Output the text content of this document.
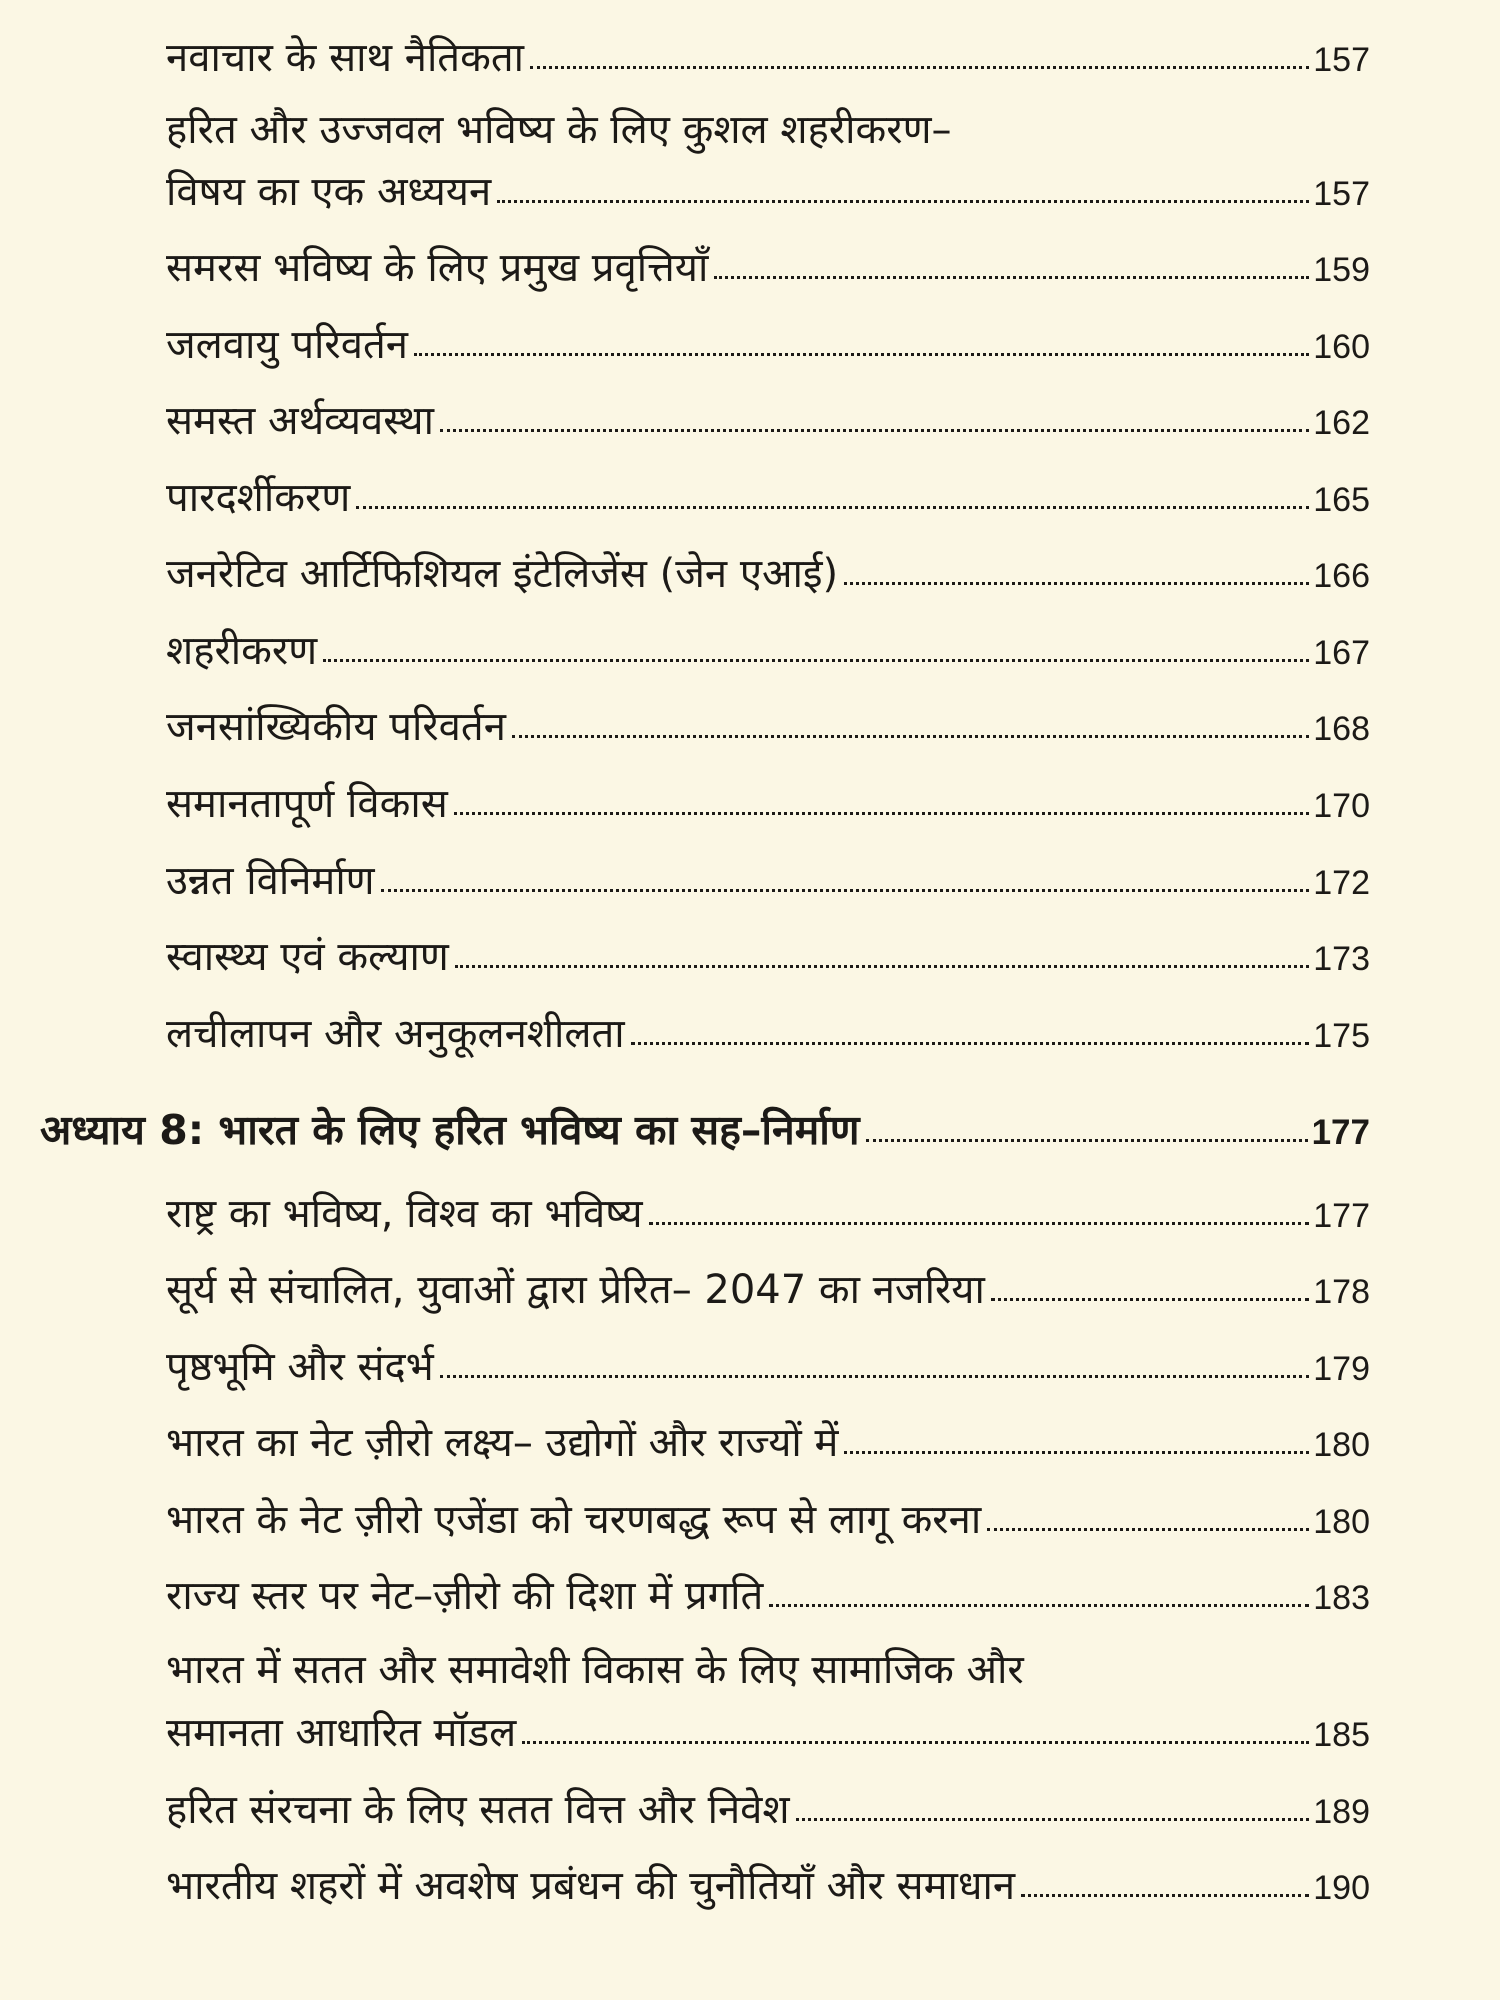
नवाचार के साथ नैतिकता	157
हरित और उज्जवल भविष्य के लिए कुशल शहरीकरण–
विषय का एक अध्ययन	157
समरस भविष्य के लिए प्रमुख प्रवृत्तियाँ	159
जलवायु परिवर्तन	160
समस्त अर्थव्यवस्था	162
पारदर्शीकरण	165
जनरेटिव आर्टिफिशियल इंटेलिजेंस (जेन एआई)	166
शहरीकरण	167
जनसांख्यिकीय परिवर्तन	168
समानतापूर्ण विकास	170
उन्नत विनिर्माण	172
स्वास्थ्य एवं कल्याण	173
लचीलापन और अनुकूलनशीलता	175
अध्याय 8: भारत के लिए हरित भविष्य का सह–निर्माण	177
राष्ट्र का भविष्य, विश्व का भविष्य	177
सूर्य से संचालित, युवाओं द्वारा प्रेरित– 2047 का नजरिया	178
पृष्ठभूमि और संदर्भ	179
भारत का नेट ज़ीरो लक्ष्य– उद्योगों और राज्यों में	180
भारत के नेट ज़ीरो एजेंडा को चरणबद्ध रूप से लागू करना	180
राज्य स्तर पर नेट–ज़ीरो की दिशा में प्रगति	183
भारत में सतत और समावेशी विकास के लिए सामाजिक और
समानता आधारित मॉडल	185
हरित संरचना के लिए सतत वित्त और निवेश	189
भारतीय शहरों में अवशेष प्रबंधन की चुनौतियाँ और समाधान	190
